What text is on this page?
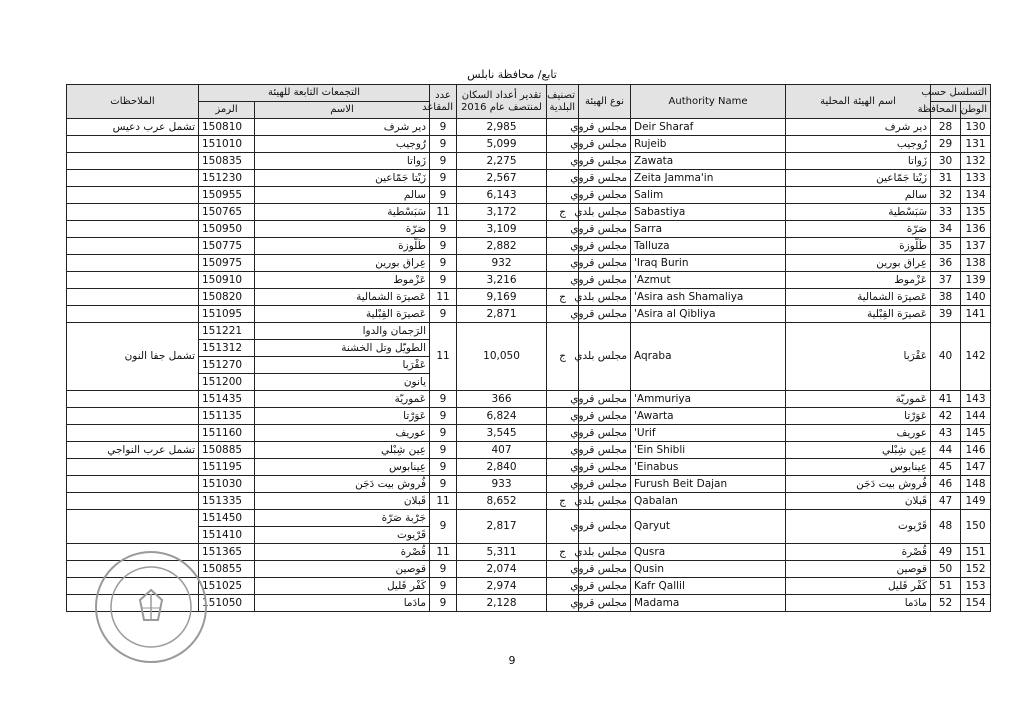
تابع/ محافظة نابلس
التسلسل حسب		اسم الهيئة المحلية	Authority Name	نوع الهيئة	تصنيف البلدية	تقدير أعداد السكان لمنتصف عام 2016	عدد المقاعد	التجمعات التابعة للهيئة		الملاحظات
الوطن	المحافظة							الاسم	الرمز	
130	28	دير شرف	Deir Sharaf	مجلس قروي		2,985	9	دير شرف	150810	تشمل عرب دعيس
131	29	رُوجيب	Rujeib	مجلس قروي		5,099	9	رُوجيب	151010	
132	30	زَواتا	Zawata	مجلس قروي		2,275	9	زَواتا	150835	
133	31	زَيْتا جَمّاعين	Zeita Jamma'in	مجلس قروي		2,567	9	زَيْتا جَمّاعين	151230	
134	32	سالم	Salim	مجلس قروي		6,143	9	سالم	150955	
135	33	سَبَسْطية	Sabastiya	مجلس بلدي	ج	3,172	11	سَبَسْطية	150765	
136	34	صَرّة	Sarra	مجلس قروي		3,109	9	صَرّة	150950	
137	35	طَلّوزة	Talluza	مجلس قروي		2,882	9	طَلّوزة	150775	
138	36	عِراق بورين	'Iraq Burin	مجلس قروي		932	9	عِراق بورين	150975	
139	37	عَزْموط	'Azmut	مجلس قروي		3,216	9	عَزْموط	150910	
140	38	عَصيرَة الشمالية	'Asira ash Shamaliya	مجلس بلدي	ج	9,169	11	عَصيرَة الشمالية	150820	
141	39	عَصيرَة القِبْلية	'Asira al Qibliya	مجلس قروي		2,871	9	عَصيرَة القِبْلية	151095	
142	40	عَقْرَبا	Aqraba	مجلس بلدي	ج	10,050	11	الرَجمان والدوا	151221	تشمل جفا النون
								الطويّل وتل الخشنة	151312	
								عَقْرَبا	151270	
								يانون	151200	
143	41	عَموريّة	'Ammuriya	مجلس قروي		366	9	عَموريّة	151435	
144	42	عَوَرْتا	'Awarta	مجلس قروي		6,824	9	عَوَرْتا	151135	
145	43	عوريف	'Urif	مجلس قروي		3,545	9	عوريف	151160	
146	44	عِين شِبْلي	'Ein Shibli	مجلس قروي		407	9	عِين شِبْلي	150885	تشمل عرب النواجي
147	45	عِينابوس	'Einabus	مجلس قروي		2,840	9	عِينابوس	151195	
148	46	فُروش بيت دَجَن	Furush Beit Dajan	مجلس قروي		933	9	فُروش بيت دَجَن	151030	
149	47	قَبلان	Qabalan	مجلس بلدي	ج	8,652	11	قَبلان	151335	
150	48	قَرْيوت	Qaryut	مجلس قروي		2,817	9	جَرْبة صَرّة	151450	
								قَرْيوت	151410	
151	49	قُصْرة	Qusra	مجلس بلدي	ج	5,311	11	قُصْرة	151365	
152	50	قوصين	Qusin	مجلس قروي		2,074	9	قوصين	150855	
153	51	كَفْر قَليل	Kafr Qallil	مجلس قروي		2,974	9	كَفْر قَليل	151025	
154	52	مادَما	Madama	مجلس قروي		2,128	9	مادَما	151050	
9
